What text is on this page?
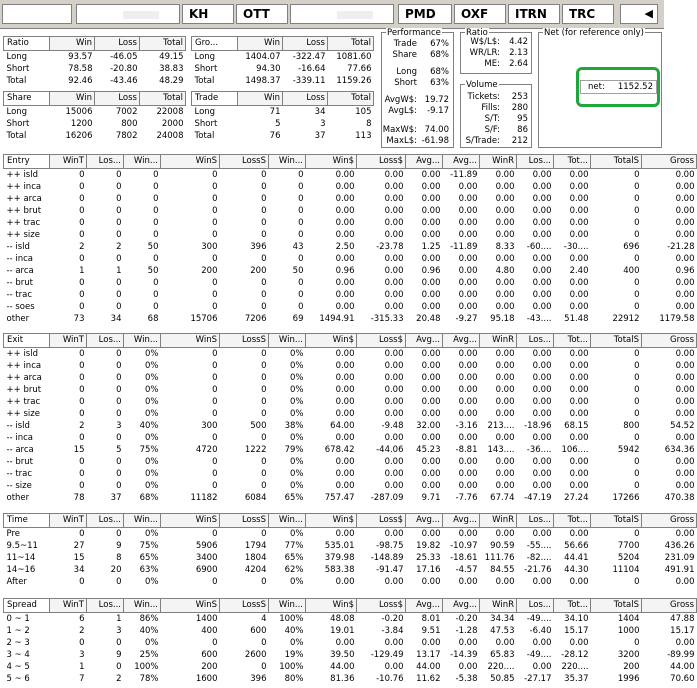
KH	OTT	PMD	OXF	ITRN	TRC	◀
Ratio	Win	Loss	Total
Long	93.57	-46.05	49.15
Short	78.58	-20.80	38.83
Total	92.46	-43.46	48.29
Gro...	Win	Loss	Total
Long	1404.07	-322.47	1081.60
Short	94.30	-16.64	77.66
Total	1498.37	-339.11	1159.26
Share	Win	Loss	Total
Long	15006	7002	22008
Short	1200	800	2000
Total	16206	7802	24008
Trade	Win	Loss	Total
Long	71	34	105
Short	5	3	8
Total	76	37	113
Performance
Trade	67%
Share	68%
Long	68%
Short	63%
AvgW$: 19.72
AvgL$:	-9.17
MaxW$: 74.00
MaxL$: -61.98
Ratio
W$/L$:	4.42
WR/LR:	2.13
ME:	2.64
Volume
Tickets:	253
Fills:	280
S/T:	95
S/F:	86
S/Trade:	212
Net (for reference only)
net: 1152.52
Entry	WinT	Los...	Win...	WinS	LossS	Win...	Win$	Loss$	Avg...	Avg...	WinR	Los...	Tot...	TotalS	Gross
++ isld	0	0	0	0	0	0	0.00	0.00	0.00	-11.89	0.00	0.00	0.00	0	0.00
++ inca	0	0	0	0	0	0	0.00	0.00	0.00	0.00	0.00	0.00	0.00	0	0.00
++ arca	0	0	0	0	0	0	0.00	0.00	0.00	0.00	0.00	0.00	0.00	0	0.00
++ brut	0	0	0	0	0	0	0.00	0.00	0.00	0.00	0.00	0.00	0.00	0	0.00
++ trac	0	0	0	0	0	0	0.00	0.00	0.00	0.00	0.00	0.00	0.00	0	0.00
++ size	0	0	0	0	0	0	0.00	0.00	0.00	0.00	0.00	0.00	0.00	0	0.00
-- isld	2	2	50	300	396	43	2.50	-23.78	1.25	-11.89	8.33	-60....	-30....	696	-21.28
-- inca	0	0	0	0	0	0	0.00	0.00	0.00	0.00	0.00	0.00	0.00	0	0.00
-- arca	1	1	50	200	200	50	0.96	0.00	0.96	0.00	4.80	0.00	2.40	400	0.96
-- brut	0	0	0	0	0	0	0.00	0.00	0.00	0.00	0.00	0.00	0.00	0	0.00
-- trac	0	0	0	0	0	0	0.00	0.00	0.00	0.00	0.00	0.00	0.00	0	0.00
-- soes	0	0	0	0	0	0	0.00	0.00	0.00	0.00	0.00	0.00	0.00	0	0.00
other	73	34	68	15706	7206	69	1494.91	-315.33	20.48	-9.27	95.18	-43....	51.48	22912	1179.58
Exit	WinT	Los...	Win...	WinS	LossS	Win...	Win$	Loss$	Avg...	Avg...	WinR	Los...	Tot...	TotalS	Gross
++ isld	0	0	0%	0	0	0%	0.00	0.00	0.00	0.00	0.00	0.00	0.00	0	0.00
++ inca	0	0	0%	0	0	0%	0.00	0.00	0.00	0.00	0.00	0.00	0.00	0	0.00
++ arca	0	0	0%	0	0	0%	0.00	0.00	0.00	0.00	0.00	0.00	0.00	0	0.00
++ brut	0	0	0%	0	0	0%	0.00	0.00	0.00	0.00	0.00	0.00	0.00	0	0.00
++ trac	0	0	0%	0	0	0%	0.00	0.00	0.00	0.00	0.00	0.00	0.00	0	0.00
++ size	0	0	0%	0	0	0%	0.00	0.00	0.00	0.00	0.00	0.00	0.00	0	0.00
-- isld	2	3	40%	300	500	38%	64.00	-9.48	32.00	-3.16	213....	-18.96	68.15	800	54.52
-- inca	0	0	0%	0	0	0%	0.00	0.00	0.00	0.00	0.00	0.00	0.00	0	0.00
-- arca	15	5	75%	4720	1222	79%	678.42	-44.06	45.23	-8.81	143....	-36....	106....	5942	634.36
-- brut	0	0	0%	0	0	0%	0.00	0.00	0.00	0.00	0.00	0.00	0.00	0	0.00
-- trac	0	0	0%	0	0	0%	0.00	0.00	0.00	0.00	0.00	0.00	0.00	0	0.00
-- size	0	0	0%	0	0	0%	0.00	0.00	0.00	0.00	0.00	0.00	0.00	0	0.00
other	78	37	68%	11182	6084	65%	757.47	-287.09	9.71	-7.76	67.74	-47.19	27.24	17266	470.38
Time	WinT	Los...	Win...	WinS	LossS	Win...	Win$	Loss$	Avg...	Avg...	WinR	Los...	Tot...	TotalS	Gross
Pre	0	0	0%	0	0	0%	0.00	0.00	0.00	0.00	0.00	0.00	0.00	0	0.00
9.5~11	27	9	75%	5906	1794	77%	535.01	-98.75	19.82	-10.97	90.59	-55....	56.66	7700	436.26
11~14	15	8	65%	3400	1804	65%	379.98	-148.89	25.33	-18.61	111.76	-82....	44.41	5204	231.09
14~16	34	20	63%	6900	4204	62%	583.38	-91.47	17.16	-4.57	84.55	-21.76	44.30	11104	491.91
After	0	0	0%	0	0	0%	0.00	0.00	0.00	0.00	0.00	0.00	0.00	0	0.00
Spread	WinT	Los...	Win...	WinS	LossS	Win...	Win$	Loss$	Avg...	Avg...	WinR	Los...	Tot...	TotalS	Gross
0 ~ 1	6	1	86%	1400	4	100%	48.08	-0.20	8.01	-0.20	34.34	-49....	34.10	1404	47.88
1 ~ 2	2	3	40%	400	600	40%	19.01	-3.84	9.51	-1.28	47.53	-6.40	15.17	1000	15.17
2 ~ 3	0	0	0%	0	0	0%	0.00	0.00	0.00	0.00	0.00	0.00	0.00	0	0.00
3 ~ 4	3	9	25%	600	2600	19%	39.50	-129.49	13.17	-14.39	65.83	-49....	-28.12	3200	-89.99
4 ~ 5	1	0	100%	200	0	100%	44.00	0.00	44.00	0.00	220....	0.00	220....	200	44.00
5 ~ 6	7	2	78%	1600	396	80%	81.36	-10.76	11.62	-5.38	50.85	-27.17	35.37	1996	70.60
